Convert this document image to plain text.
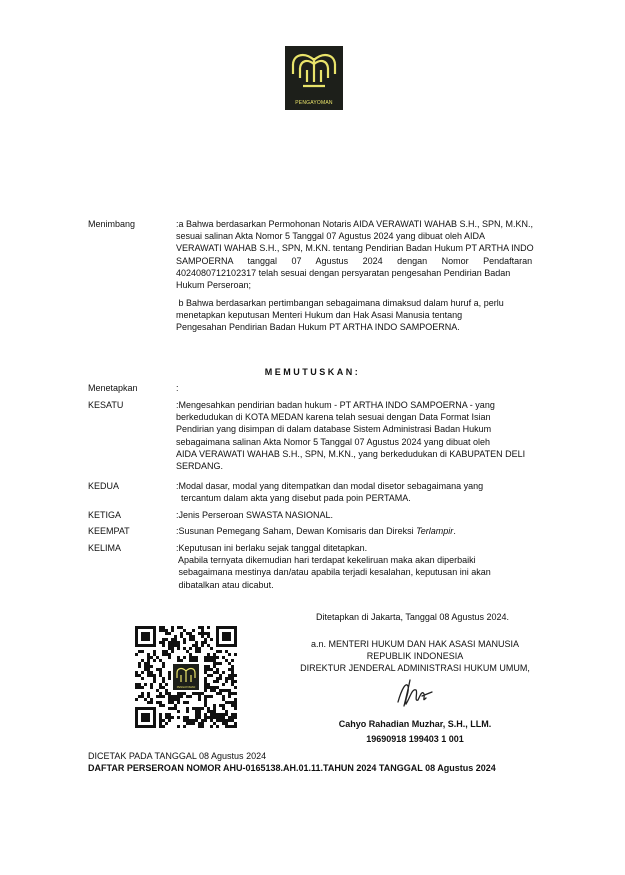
PENGAYOMAN
Menimbang	:a Bahwa berdasarkan Permohonan Notaris AIDA VERAWATI WAHAB S.H., SPN, M.KN.,
sesuai salinan Akta Nomor 5 Tanggal 07 Agustus 2024 yang dibuat oleh AIDA
VERAWATI WAHAB S.H., SPN, M.KN. tentang Pendirian Badan Hukum PT ARTHA INDO
SAMPOERNA tanggal 07 Agustus 2024 dengan Nomor Pendaftaran
4024080712102317 telah sesuai dengan persyaratan pengesahan Pendirian Badan
Hukum Perseroan;
b Bahwa berdasarkan pertimbangan sebagaimana dimaksud dalam huruf a, perlu
menetapkan keputusan Menteri Hukum dan Hak Asasi Manusia tentang
Pengesahan Pendirian Badan Hukum PT ARTHA INDO SAMPOERNA.
MEMUTUSKAN:
Menetapkan	:
KESATU	:Mengesahkan pendirian badan hukum - PT ARTHA INDO SAMPOERNA - yang
berkedudukan di KOTA MEDAN karena telah sesuai dengan Data Format Isian
Pendirian yang disimpan di dalam database Sistem Administrasi Badan Hukum
sebagaimana salinan Akta Nomor 5 Tanggal 07 Agustus 2024 yang dibuat oleh
AIDA VERAWATI WAHAB S.H., SPN, M.KN., yang berkedudukan di KABUPATEN DELI
SERDANG.
KEDUA	:Modal dasar, modal yang ditempatkan dan modal disetor sebagaimana yang
tercantum dalam akta yang disebut pada poin PERTAMA.
KETIGA	:Jenis Perseroan SWASTA NASIONAL.
KEEMPAT	:Susunan Pemegang Saham, Dewan Komisaris dan Direksi Terlampir.
KELIMA	:Keputusan ini berlaku sejak tanggal ditetapkan.
Apabila ternyata dikemudian hari terdapat kekeliruan maka akan diperbaiki
sebagaimana mestinya dan/atau apabila terjadi kesalahan, keputusan ini akan
dibatalkan atau dicabut.
Ditetapkan di Jakarta, Tanggal 08 Agustus 2024.
a.n. MENTERI HUKUM DAN HAK ASASI MANUSIA
REPUBLIK INDONESIA
DIREKTUR JENDERAL ADMINISTRASI HUKUM UMUM,
Cahyo Rahadian Muzhar, S.H., LLM.
19690918 199403 1 001
PENGAYOMAN
DICETAK PADA TANGGAL 08 Agustus 2024
DAFTAR PERSEROAN NOMOR AHU-0165138.AH.01.11.TAHUN 2024 TANGGAL 08 Agustus 2024
